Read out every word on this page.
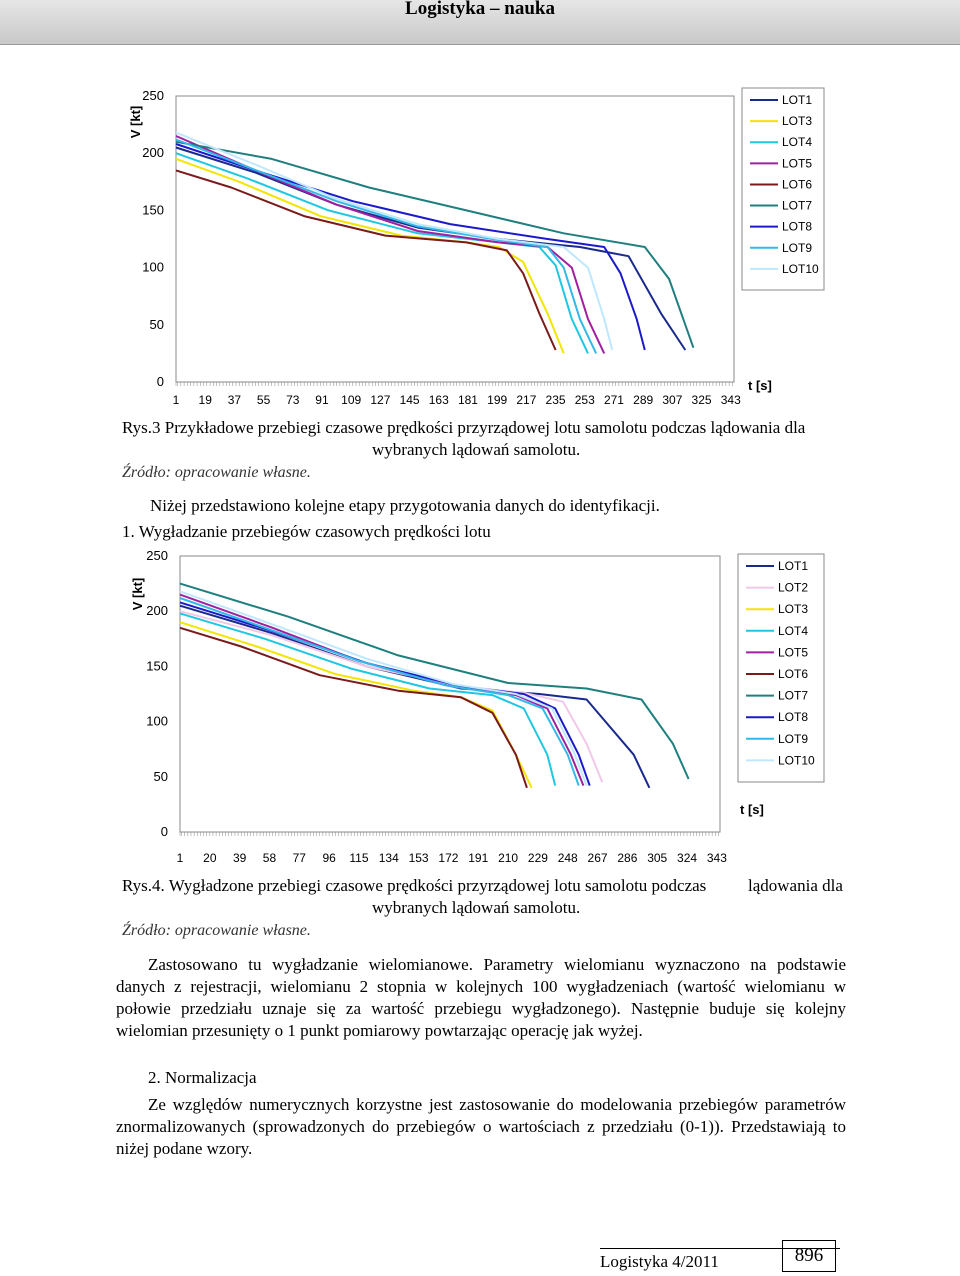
Logistyka – nauka
V [kt]
250
200
150
100
50
0
1 19 37 55 73 91 109 127 145 163 181 199 217 235 253 271 289 307 325 343
t [s]
LOT1
LOT3
LOT4
LOT5
LOT6
LOT7
LOT8
LOT9
LOT10
Rys.3 Przykładowe przebiegi czasowe prędkości przyrządowej lotu samolotu podczas lądowania dla
wybranych lądowań samolotu.
Źródło: opracowanie własne.
Niżej przedstawiono kolejne etapy przygotowania danych do identyfikacji.
1. Wygładzanie przebiegów czasowych prędkości lotu
V [kt]
250
200
150
100
50
0
1 20 39 58 77 96 115 134 153 172 191 210 229 248 267 286 305 324 343
t [s]
LOT1
LOT2
LOT3
LOT4
LOT5
LOT6
LOT7
LOT8
LOT9
LOT10
Rys.4. Wygładzone przebiegi czasowe prędkości przyrządowej lotu samolotu podczas lądowania dla
wybranych lądowań samolotu.
Źródło: opracowanie własne.
Zastosowano tu wygładzanie wielomianowe. Parametry wielomianu wyznaczono na podstawie danych z rejestracji, wielomianu 2 stopnia w kolejnych 100 wygładzeniach (wartość wielomianu w połowie przedziału uznaje się za wartość przebiegu wygładzonego). Następnie buduje się kolejny wielomian przesunięty o 1 punkt pomiarowy powtarzając operację jak wyżej.
2. Normalizacja
Ze względów numerycznych korzystne jest zastosowanie do modelowania przebiegów parametrów znormalizowanych (sprowadzonych do przebiegów o wartościach z przedziału (0-1)). Przedstawiają to niżej podane wzory.
Logistyka 4/2011	896
